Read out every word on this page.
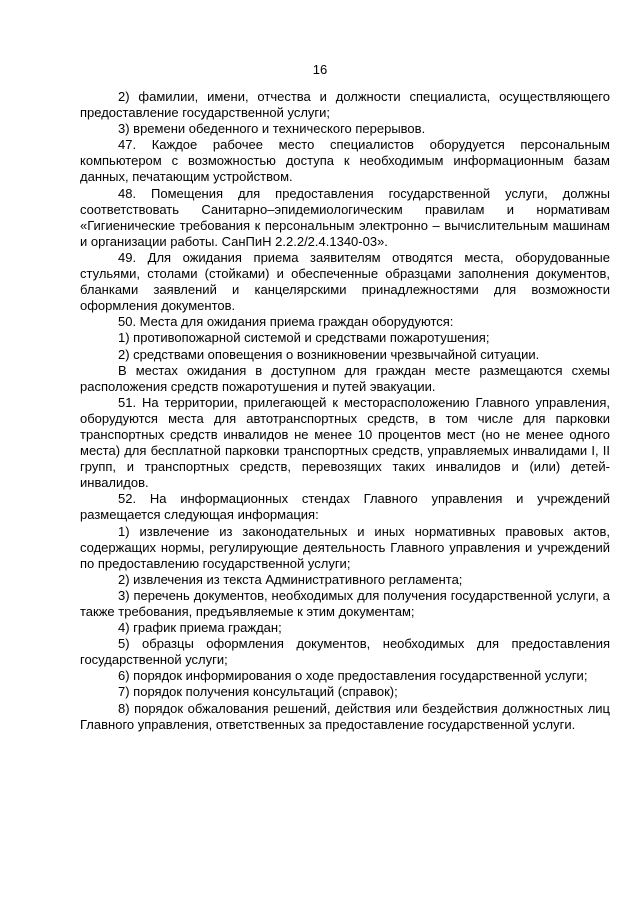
16

2) фамилии, имени, отчества и должности специалиста, осуществляющего предоставление государственной услуги;

3) времени обеденного и технического перерывов.

47. Каждое рабочее место специалистов оборудуется персональным компьютером с возможностью доступа к необходимым информационным базам данных, печатающим устройством.

48. Помещения для предоставления государственной услуги, должны соответствовать Санитарно–эпидемиологическим правилам и нормативам «Гигиенические требования к персональным электронно – вычислительным машинам и организации работы. СанПиН 2.2.2/2.4.1340-03».

49. Для ожидания приема заявителям отводятся места, оборудованные стульями, столами (стойками) и обеспеченные образцами заполнения документов, бланками заявлений и канцелярскими принадлежностями для возможности оформления документов.

50. Места для ожидания приема граждан оборудуются:

1) противопожарной системой и средствами пожаротушения;

2) средствами оповещения о возникновении чрезвычайной ситуации.

В местах ожидания в доступном для граждан месте размещаются схемы расположения средств пожаротушения и путей эвакуации.

51. На территории, прилегающей к месторасположению Главного управления, оборудуются места для автотранспортных средств, в том числе для парковки транспортных средств инвалидов не менее 10 процентов мест (но не менее одного места) для бесплатной парковки транспортных средств, управляемых инвалидами I, II групп, и транспортных средств, перевозящих таких инвалидов и (или) детей-инвалидов.

52. На информационных стендах Главного управления и учреждений размещается следующая информация:

1) извлечение из законодательных и иных нормативных правовых актов, содержащих нормы, регулирующие деятельность Главного управления и учреждений по предоставлению государственной услуги;

2) извлечения из текста Административного регламента;

3) перечень документов, необходимых для получения государственной услуги, а также требования, предъявляемые к этим документам;

4) график приема граждан;

5) образцы оформления документов, необходимых для предоставления государственной услуги;

6) порядок информирования о ходе предоставления государственной услуги;

7) порядок получения консультаций (справок);

8) порядок обжалования решений, действия или бездействия должностных лиц Главного управления, ответственных за предоставление государственной услуги.
